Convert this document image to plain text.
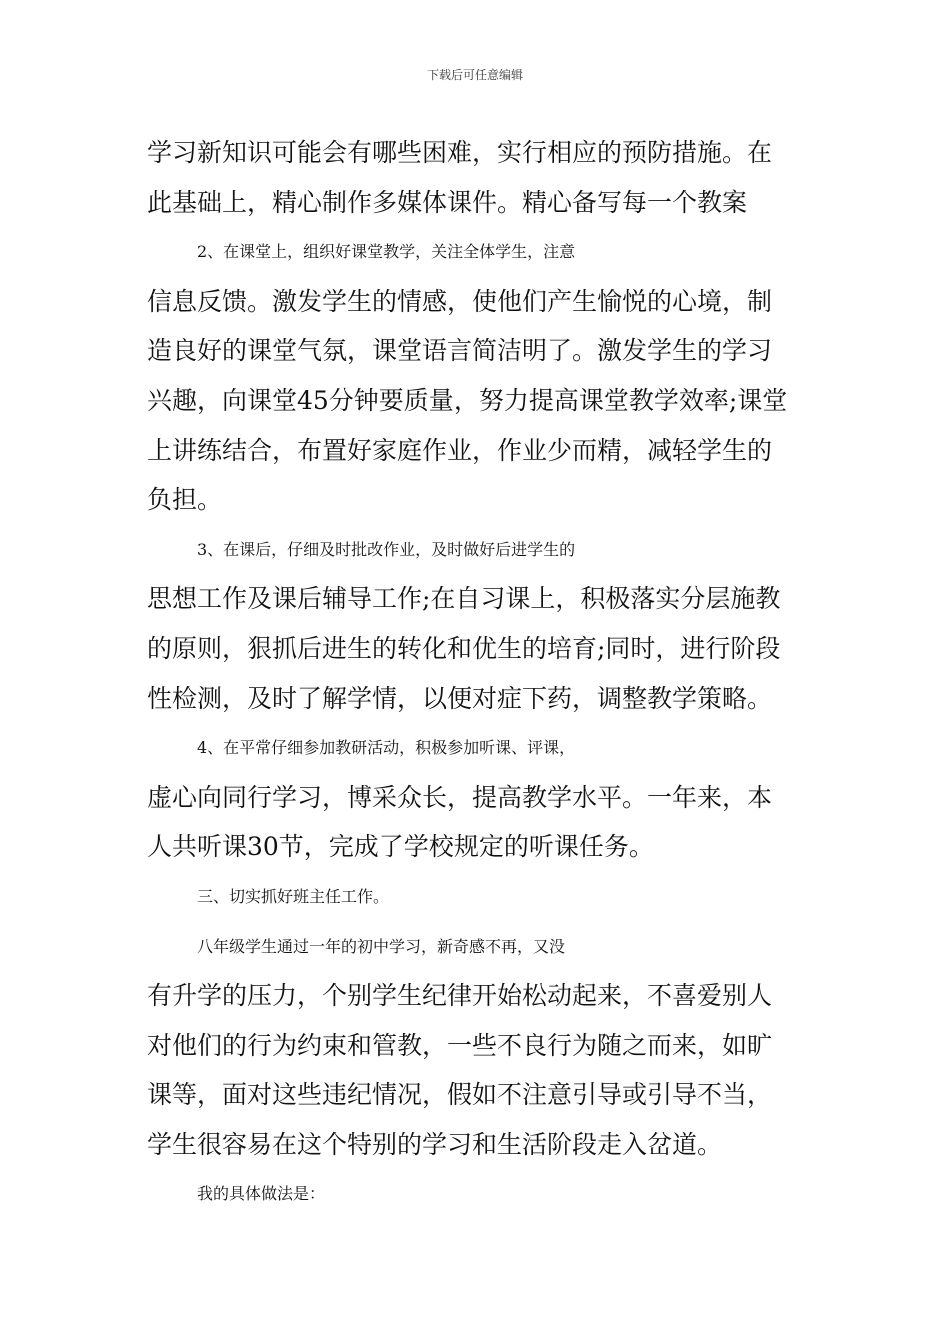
下载后可任意编辑
学习新知识可能会有哪些困难，实行相应的预防措施。在
此基础上，精心制作多媒体课件。精心备写每一个教案
2、在课堂上，组织好课堂教学，关注全体学生，注意
信息反馈。激发学生的情感，使他们产生愉悦的心境，制
造良好的课堂气氛，课堂语言简洁明了。激发学生的学习
兴趣，向课堂45分钟要质量，努力提高课堂教学效率;课堂
上讲练结合，布置好家庭作业，作业少而精，减轻学生的
负担。
3、在课后，仔细及时批改作业，及时做好后进学生的
思想工作及课后辅导工作;在自习课上，积极落实分层施教
的原则，狠抓后进生的转化和优生的培育;同时，进行阶段
性检测，及时了解学情，以便对症下药，调整教学策略。
4、在平常仔细参加教研活动，积极参加听课、评课，
虚心向同行学习，博采众长，提高教学水平。一年来，本
人共听课30节，完成了学校规定的听课任务。
三、切实抓好班主任工作。
八年级学生通过一年的初中学习，新奇感不再，又没
有升学的压力，个别学生纪律开始松动起来，不喜爱别人
对他们的行为约束和管教，一些不良行为随之而来，如旷
课等，面对这些违纪情况，假如不注意引导或引导不当，
学生很容易在这个特别的学习和生活阶段走入岔道。
我的具体做法是：
